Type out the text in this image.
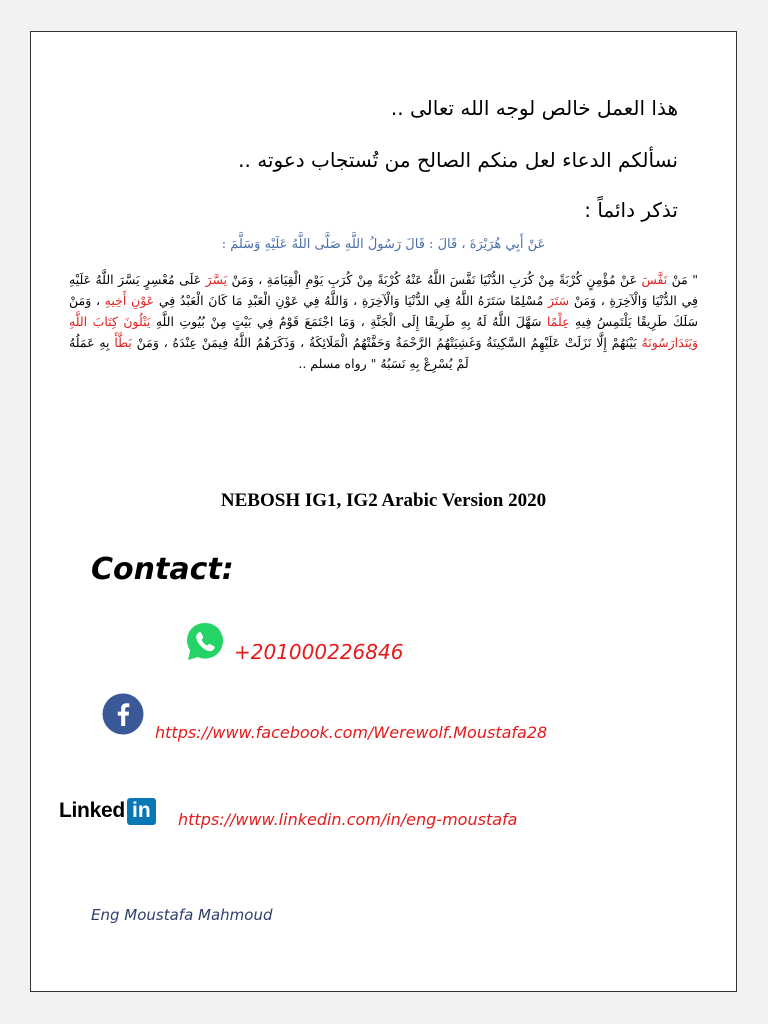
هذا العمل خالص لوجه الله تعالى ..
نسألكم الدعاء لعل منكم الصالح من تُستجاب دعوته ..
تذكر دائماً :
عَنْ أَبِي هُرَيْرَةَ ، قَالَ : قَالَ رَسُولُ اللَّهِ صَلَّى اللَّهُ عَلَيْهِ وَسَلَّمَ :
" مَنْ نَفَّسَ عَنْ مُؤْمِنٍ كُرْبَةً مِنْ كُرَبِ الدُّنْيَا نَفَّسَ اللَّهُ عَنْهُ كُرْبَةً مِنْ كُرَبِ يَوْمِ الْقِيَامَةِ ، وَمَنْ يَسَّرَ عَلَى مُعْسِرٍ يَسَّرَ اللَّهُ عَلَيْهِ فِي الدُّنْيَا وَالْآخِرَةِ ، وَمَنْ سَتَرَ مُسْلِمًا سَتَرَهُ اللَّهُ فِي الدُّنْيَا وَالْآخِرَةِ ، وَاللَّهُ فِي عَوْنِ الْعَبْدِ مَا كَانَ الْعَبْدُ فِي عَوْنِ أَخِيهِ ، وَمَنْ سَلَكَ طَرِيقًا يَلْتَمِسُ فِيهِ عِلْمًا سَهَّلَ اللَّهُ لَهُ بِهِ طَرِيقًا إِلَى الْجَنَّةِ ، وَمَا اجْتَمَعَ قَوْمٌ فِي بَيْتٍ مِنْ بُيُوتِ اللَّهِ يَتْلُونَ كِتَابَ اللَّهِ وَيَتَدَارَسُونَهُ بَيْنَهُمْ إِلَّا نَزَلَتْ عَلَيْهِمُ السَّكِينَةُ وَغَشِيَتْهُمُ الرَّحْمَةُ وَحَفَّتْهُمُ الْمَلَائِكَةُ ، وَذَكَرَهُمُ اللَّهُ فِيمَنْ عِنْدَهُ ، وَمَنْ بَطَّأَ بِهِ عَمَلُهُ لَمْ يُسْرِعْ بِهِ نَسَبُهُ " رواه مسلم ..
NEBOSH IG1, IG2 Arabic Version 2020
Contact:
+201000226846
https://www.facebook.com/Werewolf.Moustafa28
Linked in	https://www.linkedin.com/in/eng-moustafa
Eng Moustafa Mahmoud
